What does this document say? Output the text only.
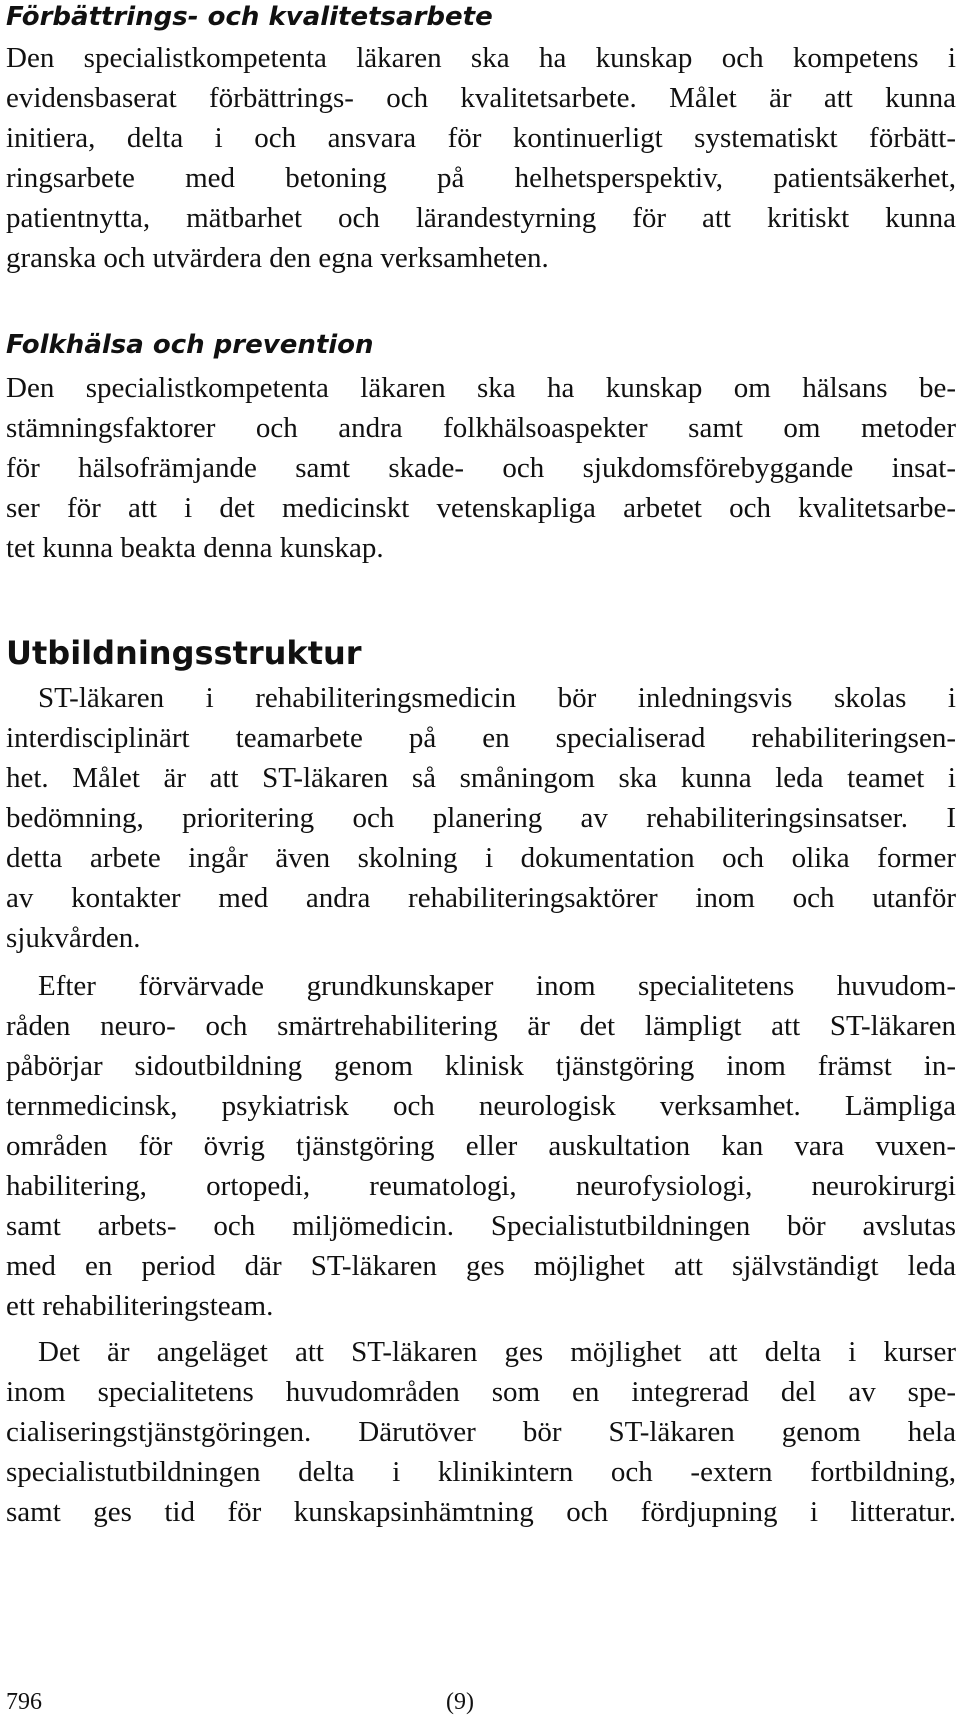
Förbättrings- och kvalitetsarbete
Den specialistkompetenta läkaren ska ha kunskap och kompetens i
evidensbaserat förbättrings- och kvalitetsarbete. Målet är att kunna
initiera, delta i och ansvara för kontinuerligt systematiskt förbätt-
ringsarbete med betoning på helhetsperspektiv, patientsäkerhet,
patientnytta, mätbarhet och lärandestyrning för att kritiskt kunna
granska och utvärdera den egna verksamheten.
Folkhälsa och prevention
Den specialistkompetenta läkaren ska ha kunskap om hälsans be-
stämningsfaktorer och andra folkhälsoaspekter samt om metoder
för hälsofrämjande samt skade- och sjukdomsförebyggande insat-
ser för att i det medicinskt vetenskapliga arbetet och kvalitetsarbe-
tet kunna beakta denna kunskap.
Utbildningsstruktur
ST-läkaren i rehabiliteringsmedicin bör inledningsvis skolas i
interdisciplinärt teamarbete på en specialiserad rehabiliteringsen-
het. Målet är att ST-läkaren så småningom ska kunna leda teamet i
bedömning, prioritering och planering av rehabiliteringsinsatser. I
detta arbete ingår även skolning i dokumentation och olika former
av kontakter med andra rehabiliteringsaktörer inom och utanför
sjukvården.
Efter förvärvade grundkunskaper inom specialitetens huvudom-
råden neuro- och smärtrehabilitering är det lämpligt att ST-läkaren
påbörjar sidoutbildning genom klinisk tjänstgöring inom främst in-
ternmedicinsk, psykiatrisk och neurologisk verksamhet. Lämpliga
områden för övrig tjänstgöring eller auskultation kan vara vuxen-
habilitering, ortopedi, reumatologi, neurofysiologi, neurokirurgi
samt arbets- och miljömedicin. Specialistutbildningen bör avslutas
med en period där ST-läkaren ges möjlighet att självständigt leda
ett rehabiliteringsteam.
Det är angeläget att ST-läkaren ges möjlighet att delta i kurser
inom specialitetens huvudområden som en integrerad del av spe-
cialiseringstjänstgöringen. Därutöver bör ST-läkaren genom hela
specialistutbildningen delta i klinikintern och -extern fortbildning,
samt ges tid för kunskapsinhämtning och fördjupning i litteratur.
796	(9)
